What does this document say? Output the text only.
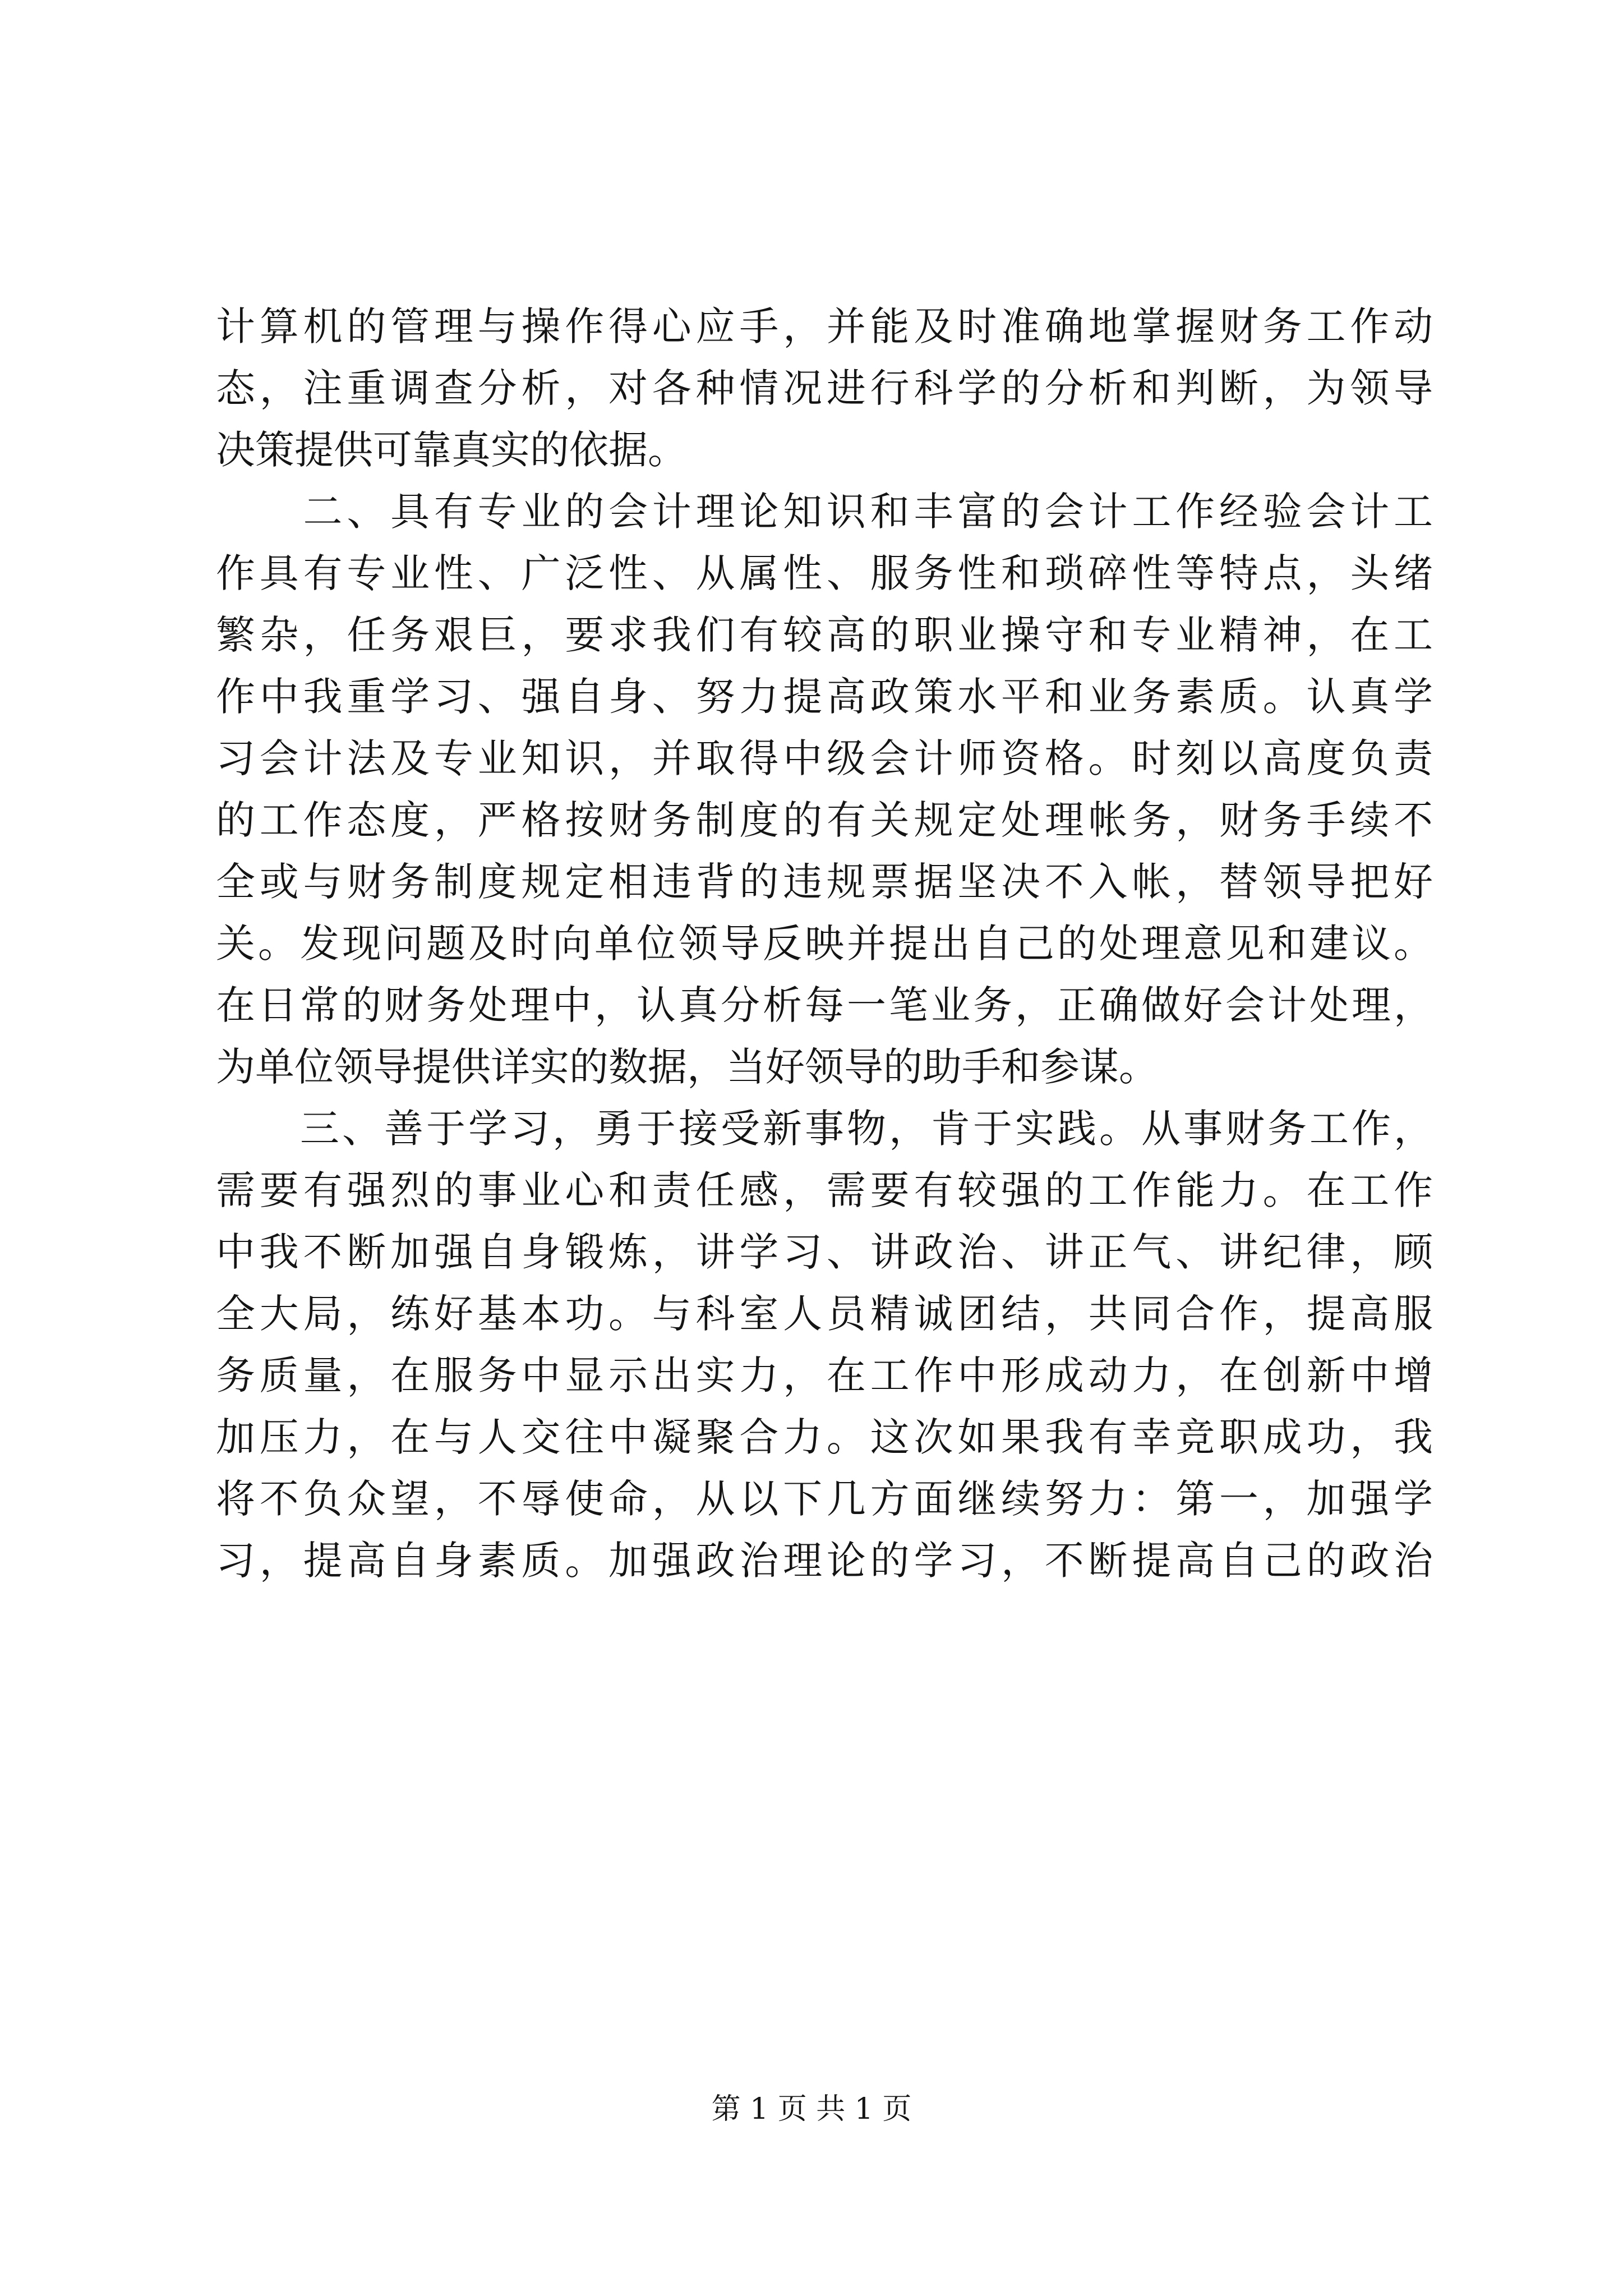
计算机的管理与操作得心应手，并能及时准确地掌握财务工作动
态，注重调查分析，对各种情况进行科学的分析和判断，为领导
决策提供可靠真实的依据。
　　二、具有专业的会计理论知识和丰富的会计工作经验会计工
作具有专业性、广泛性、从属性、服务性和琐碎性等特点，头绪
繁杂，任务艰巨，要求我们有较高的职业操守和专业精神，在工
作中我重学习、强自身、努力提高政策水平和业务素质。认真学
习会计法及专业知识，并取得中级会计师资格。时刻以高度负责
的工作态度，严格按财务制度的有关规定处理帐务，财务手续不
全或与财务制度规定相违背的违规票据坚决不入帐，替领导把好
关。发现问题及时向单位领导反映并提出自己的处理意见和建议。
在日常的财务处理中，认真分析每一笔业务，正确做好会计处理，
为单位领导提供详实的数据，当好领导的助手和参谋。
　　三、善于学习，勇于接受新事物，肯于实践。从事财务工作，
需要有强烈的事业心和责任感，需要有较强的工作能力。在工作
中我不断加强自身锻炼，讲学习、讲政治、讲正气、讲纪律，顾
全大局，练好基本功。与科室人员精诚团结，共同合作，提高服
务质量，在服务中显示出实力，在工作中形成动力，在创新中增
加压力，在与人交往中凝聚合力。这次如果我有幸竞职成功，我
将不负众望，不辱使命，从以下几方面继续努力：第一，加强学
习，提高自身素质。加强政治理论的学习，不断提高自己的政治
第 1 页 共 1 页
